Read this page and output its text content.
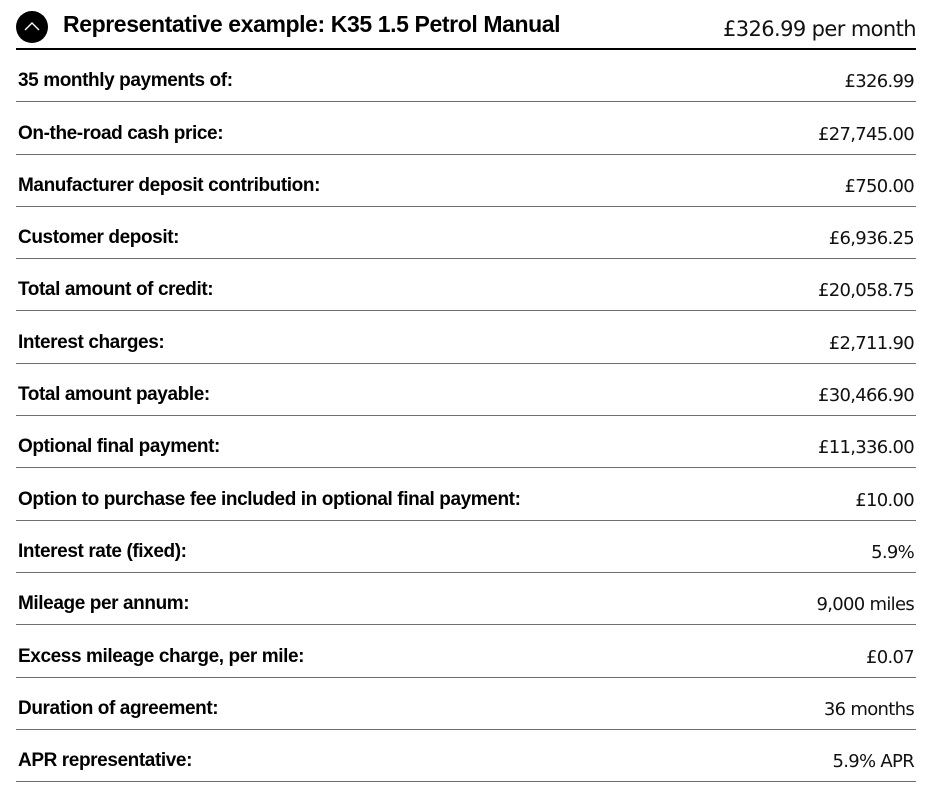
Representative example: K35 1.5 Petrol Manual	£326.99 per month
35 monthly payments of:	£326.99
On-the-road cash price:	£27,745.00
Manufacturer deposit contribution:	£750.00
Customer deposit:	£6,936.25
Total amount of credit:	£20,058.75
Interest charges:	£2,711.90
Total amount payable:	£30,466.90
Optional final payment:	£11,336.00
Option to purchase fee included in optional final payment:	£10.00
Interest rate (fixed):	5.9%
Mileage per annum:	9,000 miles
Excess mileage charge, per mile:	£0.07
Duration of agreement:	36 months
APR representative:	5.9% APR
